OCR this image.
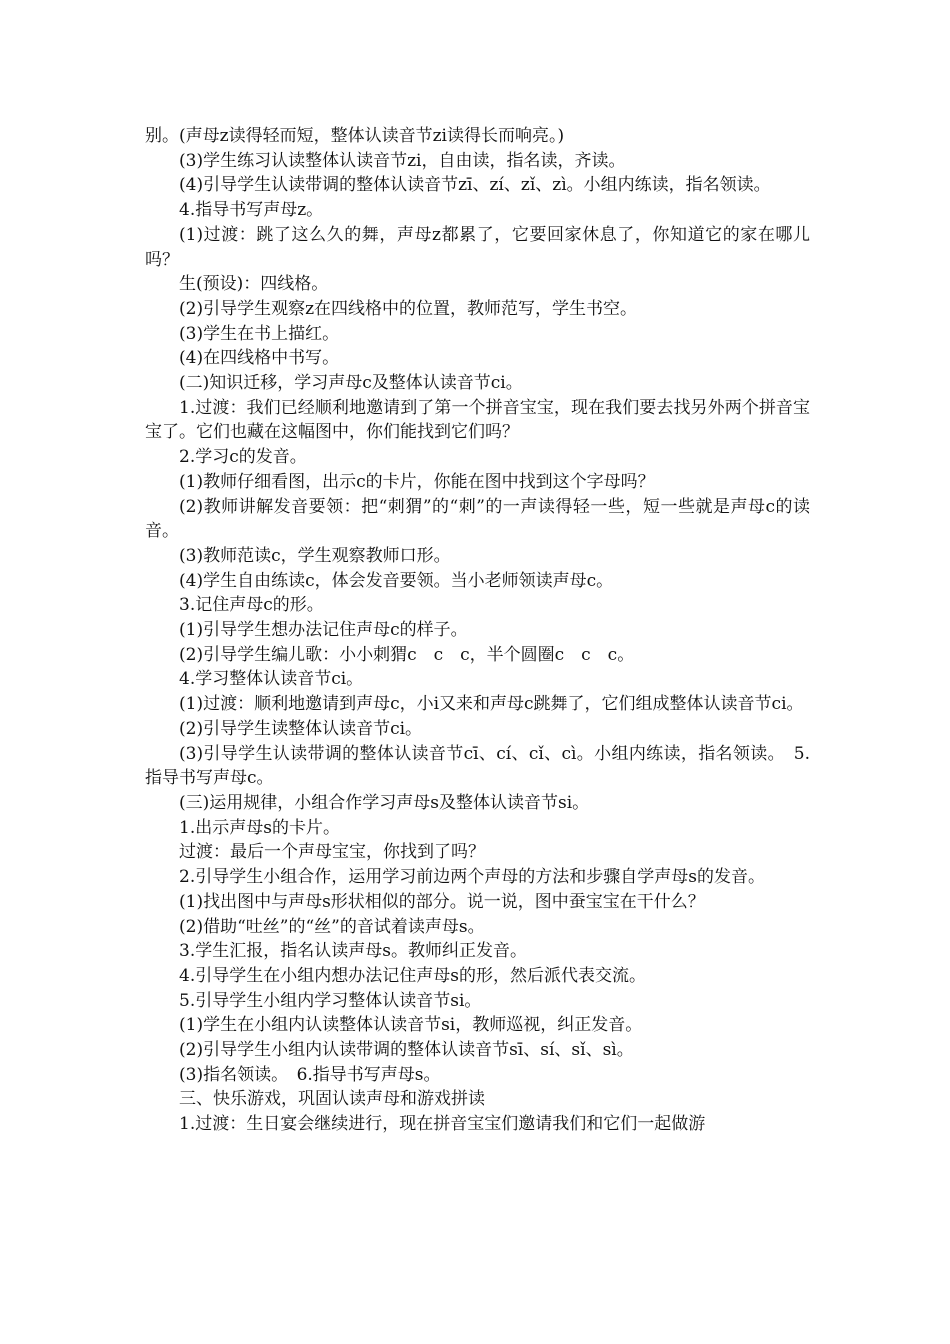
别。(声母z读得轻而短，整体认读音节zi读得长而响亮。)

(3)学生练习认读整体认读音节zi，自由读，指名读，齐读。

(4)引导学生认读带调的整体认读音节zī、zí、zǐ、zì。小组内练读，指名领读。

4.指导书写声母z。

(1)过渡：跳了这么久的舞，声母z都累了，它要回家休息了，你知道它的家在哪儿吗？

生(预设)：四线格。

(2)引导学生观察z在四线格中的位置，教师范写，学生书空。

(3)学生在书上描红。

(4)在四线格中书写。

(二)知识迁移，学习声母c及整体认读音节ci。

1.过渡：我们已经顺利地邀请到了第一个拼音宝宝，现在我们要去找另外两个拼音宝宝了。它们也藏在这幅图中，你们能找到它们吗？

2.学习c的发音。

(1)教师仔细看图，出示c的卡片，你能在图中找到这个字母吗？

(2)教师讲解发音要领：把“刺猬”的“刺”的一声读得轻一些，短一些就是声母c的读音。

(3)教师范读c，学生观察教师口形。

(4)学生自由练读c，体会发音要领。当小老师领读声母c。

3.记住声母c的形。

(1)引导学生想办法记住声母c的样子。

(2)引导学生编儿歌：小小刺猬c　c　c，半个圆圈c　c　c。

4.学习整体认读音节ci。

(1)过渡：顺利地邀请到声母c，小i又来和声母c跳舞了，它们组成整体认读音节ci。

(2)引导学生读整体认读音节ci。

(3)引导学生认读带调的整体认读音节cī、cí、cǐ、cì。小组内练读，指名领读。　5.指导书写声母c。

(三)运用规律，小组合作学习声母s及整体认读音节si。

1.出示声母s的卡片。

过渡：最后一个声母宝宝，你找到了吗？

2.引导学生小组合作，运用学习前边两个声母的方法和步骤自学声母s的发音。

(1)找出图中与声母s形状相似的部分。说一说，图中蚕宝宝在干什么？

(2)借助“吐丝”的“丝”的音试着读声母s。

3.学生汇报，指名认读声母s。教师纠正发音。

4.引导学生在小组内想办法记住声母s的形，然后派代表交流。

5.引导学生小组内学习整体认读音节si。

(1)学生在小组内认读整体认读音节si，教师巡视，纠正发音。

(2)引导学生小组内认读带调的整体认读音节sī、sí、sǐ、sì。

(3)指名领读。　6.指导书写声母s。

三、快乐游戏，巩固认读声母和游戏拼读

1.过渡：生日宴会继续进行，现在拼音宝宝们邀请我们和它们一起做游
